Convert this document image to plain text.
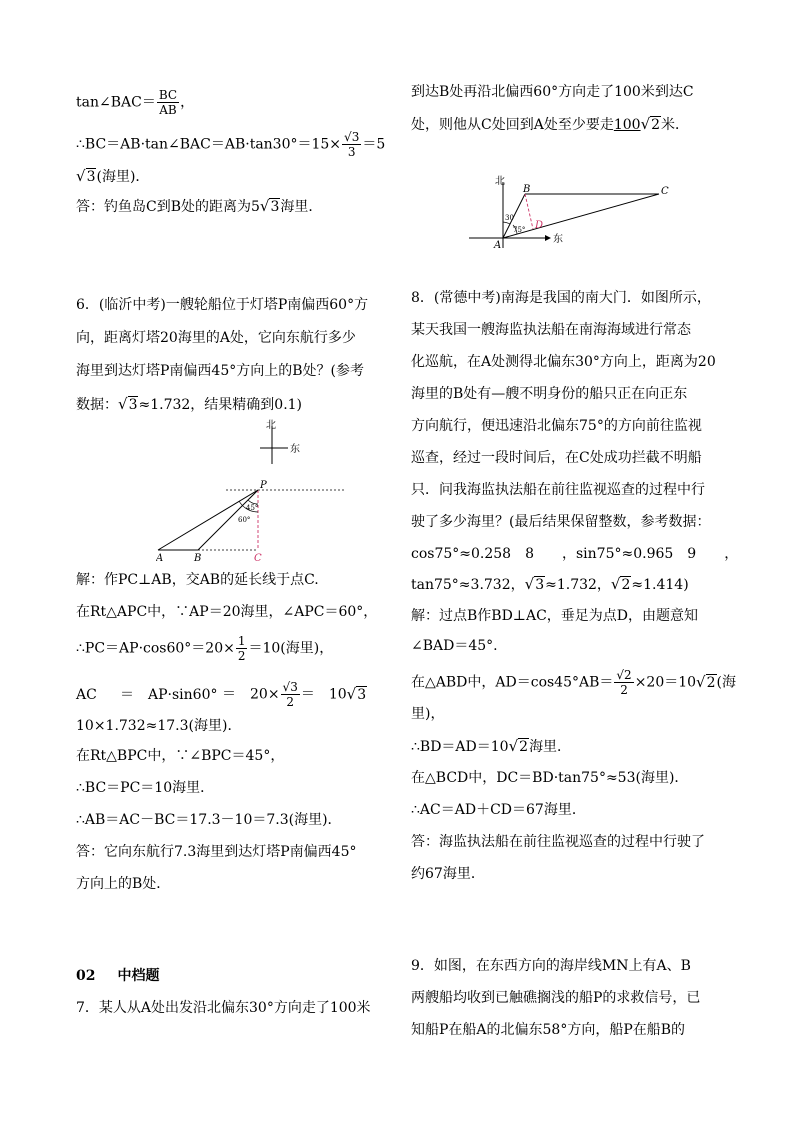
tan∠BAC＝ $\frac{BC}{AB}$ ，
∴BC＝AB·tan∠BAC＝AB·tan30°＝15× $\frac{√3}{3} =5$
√3(海里)．
答：钓鱼岛C到B处的距离为5√3海里．
6．(临沂中考)一艘轮船位于灯塔P南偏西60°方
向，距离灯塔20海里的A处，它向东航行多少
海里到达灯塔P南偏西45°方向上的B处？(参考
数据：√3≈1.732，结果精确到0.1)
北
东
P
45°
60°
A	B	C
解：作PC⊥AB，交AB的延长线于点C.
在Rt△APC中，∵AP＝20海里，∠APC＝60°，
∴PC＝AP·cos60°＝20× $\frac{1}{2} =10$(海里)，
AC ＝　AP·sin60° ＝　$20\times \frac{√3}{2}$ ＝　10√3
10×1.732≈17.3(海里)．
在Rt△BPC中，∵∠BPC＝45°，
∴BC＝PC＝10海里．
∴AB＝AC－BC＝17.3－10＝7.3(海里)．
答：它向东航行7.3海里到达灯塔P南偏西45°
方向上的B处．
02 中档题
7．某人从A处出发沿北偏东30°方向走了100米
到达B处再沿北偏西60°方向走了100米到达C
处，则他从C处回到A处至少要走100√2米．
北
东
30
75°
A
B	C
D
8．(常德中考)南海是我国的南大门．如图所示，
某天我国一艘海监执法船在南海海域进行常态
化巡航，在A处测得北偏东30°方向上，距离为20
海里的B处有—艘不明身份的船只正在向正东
方向航行，便迅速沿北偏东75°的方向前往监视
巡查，经过一段时间后，在C处成功拦截不明船
只．问我海监执法船在前往监视巡查的过程中行
驶了多少海里？(最后结果保留整数，参考数据：
cos75°≈0.258　8　　，sin75°≈0.965　9　　，
tan75°≈3.732，√3≈1.732，√2≈1.414)
解：过点B作BD⊥AC，垂足为点D，由题意知
∠BAD＝45°.
在△ABD中，$AD=\cos 45^\circ AB= \frac{√2}{2} \times 20=10√2$(海
里)，
∴BD＝AD＝10√2海里．
在△BCD中，DC＝BD·tan75°≈53(海里)．
∴AC＝AD＋CD＝67海里．
答：海监执法船在前往监视巡查的过程中行驶了
约67海里．
9．如图，在东西方向的海岸线MN上有A、B
两艘船均收到已触礁搁浅的船P的求救信号，已
知船P在船A的北偏东58°方向，船P在船B的
